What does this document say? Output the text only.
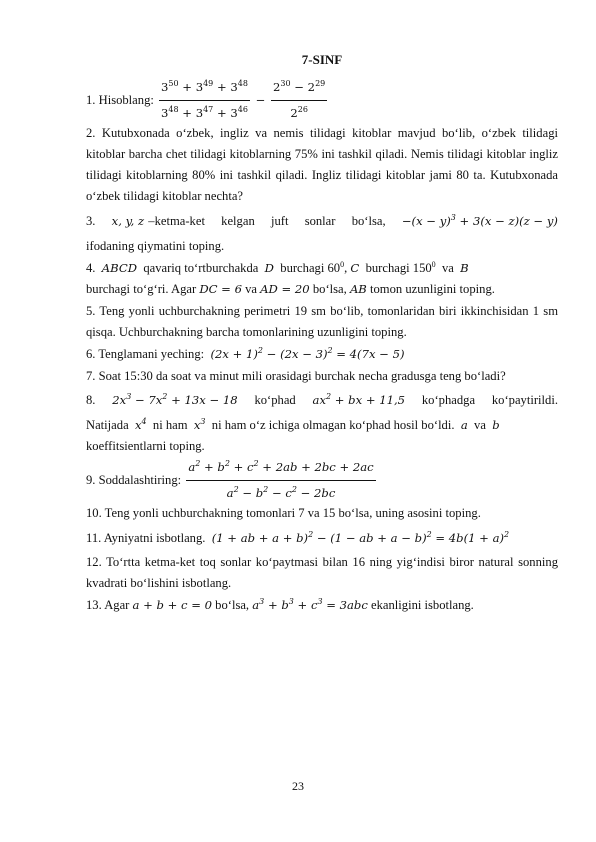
7-SINF
1. Hisoblang:
$\frac{3^{50} + 3^{49} + 3^{48}}{3^{48} + 3^{47} + 3^{46}} - \frac{2^{30} - 2^{29}}{2^{26}}$
2. Kutubxonada o‘zbek, ingliz va nemis tilidagi kitoblar mavjud bo‘lib, o‘zbek tilidagi kitoblar barcha chet tilidagi kitoblarning 75% ini tashkil qiladi. Nemis tilidagi kitoblar ingliz tilidagi kitoblarning 80% ini tashkil qiladi. Ingliz tilidagi kitoblar jami 80 ta. Kutubxonada o‘zbek tilidagi kitoblar nechta?
3. x, y, z –ketma-ket kelgan juft sonlar bo‘lsa, $-(x - y)^3 + 3(x - z)(z - y)$
ifodaning qiymatini toping.
4. ABCD qavariq to‘rtburchakda D burchagi $60^0$, C burchagi $150^0$ va B
burchagi to‘g‘ri. Agar DC = 6 va AD = 20 bo‘lsa, AB tomon uzunligini toping.
5. Teng yonli uchburchakning perimetri 19 sm bo‘lib, tomonlaridan biri ikkinchisidan 1 sm qisqa. Uchburchakning barcha tomonlarining uzunligini toping.
6. Tenglamani yeching: $(2x + 1)^2 - (2x - 3)^2 = 4(7x - 5)$
7. Soat 15:30 da soat va minut mili orasidagi burchak necha gradusga teng bo‘ladi?
8. $2x^3 - 7x^2 + 13x - 18$ ko‘phad $ax^2$ + bx + 11,5 ko‘phadga ko‘paytirildi.
Natijada $x^4$ ni ham $x^3$ ni ham o‘z ichiga olmagan ko‘phad hosil bo‘ldi. a va b
koeffitsientlarni toping.
9. Soddalashtiring:
$\frac{a^2 + b^2 + c^2 + 2ab + 2bc + 2ac}{a^2 - b^2 - c^2 - 2bc}$
10. Teng yonli uchburchakning tomonlari 7 va 15 bo‘lsa, uning asosini toping.
11. Ayniyatni isbotlang. (1 + ab + a + b)$^2$ − (1 − ab + $a - b)^2 = 4b(1 + a)^2$
12. To‘rtta ketma-ket toq sonlar ko‘paytmasi bilan 16 ning yig‘indisi biror natural sonning kvadrati bo‘lishini isbotlang.
13. Agar a + b + c = 0 bo‘lsa, $a^3 + b^3 + c^3 = 3abc$ ekanligini isbotlang.
23
